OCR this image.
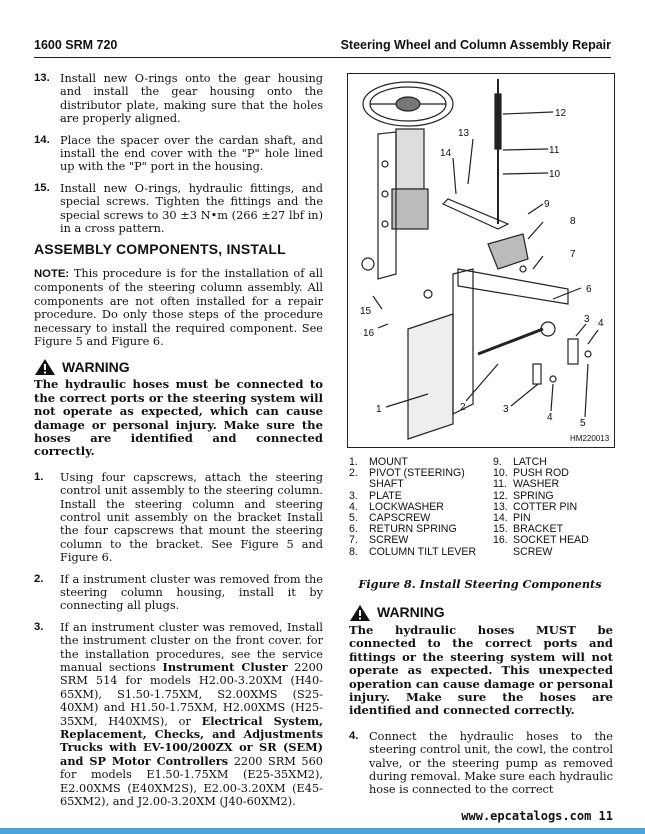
1600 SRM 720	Steering Wheel and Column Assembly Repair
13. Install new O-rings onto the gear housing and install the gear housing onto the distributor plate, making sure that the holes are properly aligned.
14. Place the spacer over the cardan shaft, and install the end cover with the "P" hole lined up with the "P" port in the housing.
15. Install new O-rings, hydraulic fittings, and special screws. Tighten the fittings and the special screws to 30 ±3 N•m (266 ±27 lbf in) in a cross pattern.
ASSEMBLY COMPONENTS, INSTALL
NOTE: This procedure is for the installation of all components of the steering column assembly. All components are not often installed for a repair procedure. Do only those steps of the procedure necessary to install the required component. See Figure 5 and Figure 6.
WARNING
The hydraulic hoses must be connected to the correct ports or the steering system will not operate as expected, which can cause damage or personal injury. Make sure the hoses are identified and connected correctly.
1. Using four capscrews, attach the steering control unit assembly to the steering column. Install the steering column and steering control unit assembly on the bracket Install the four capscrews that mount the steering column to the bracket. See Figure 5 and Figure 6.
2. If a instrument cluster was removed from the steering column housing, install it by connecting all plugs.
3. If an instrument cluster was removed, Install the instrument cluster on the front cover. for the installation procedures, see the service manual sections Instrument Cluster 2200 SRM 514 for models H2.00-3.20XM (H40-65XM), S1.50-1.75XM, S2.00XMS (S25-40XM) and H1.50-1.75XM, H2.00XMS (H25-35XM, H40XMS), or Electrical System, Replacement, Checks, and Adjustments Trucks with EV-100/200ZX or SR (SEM) and SP Motor Controllers 2200 SRM 560 for models E1.50-1.75XM (E25-35XM2), E2.00XMS (E40XM2S), E2.00-3.20XM (E45-65XM2), and J2.00-3.20XM (J40-60XM2).
12
11
10
13
14
9
8
7
6
15
16
3 4
1	2	3
4
5
HM220013
1.	MOUNT
2.	PIVOT (STEERING) SHAFT
3.	PLATE
4.	LOCKWASHER
5.	CAPSCREW
6.	RETURN SPRING
7.	SCREW
8.	COLUMN TILT LEVER
9.	LATCH
10. PUSH ROD
11. WASHER
12. SPRING
13. COTTER PIN
14. PIN
15. BRACKET
16. SOCKET HEAD SCREW
Figure 8. Install Steering Components
WARNING
The hydraulic hoses MUST be connected to the correct ports and fittings or the steering system will not operate as expected. This unexpected operation can cause damage or personal injury. Make sure the hoses are identified and connected correctly.
4. Connect the hydraulic hoses to the steering control unit, the cowl, the control valve, or the steering pump as removed during removal. Make sure each hydraulic hose is connected to the correct
www.epcatalogs.com 11
